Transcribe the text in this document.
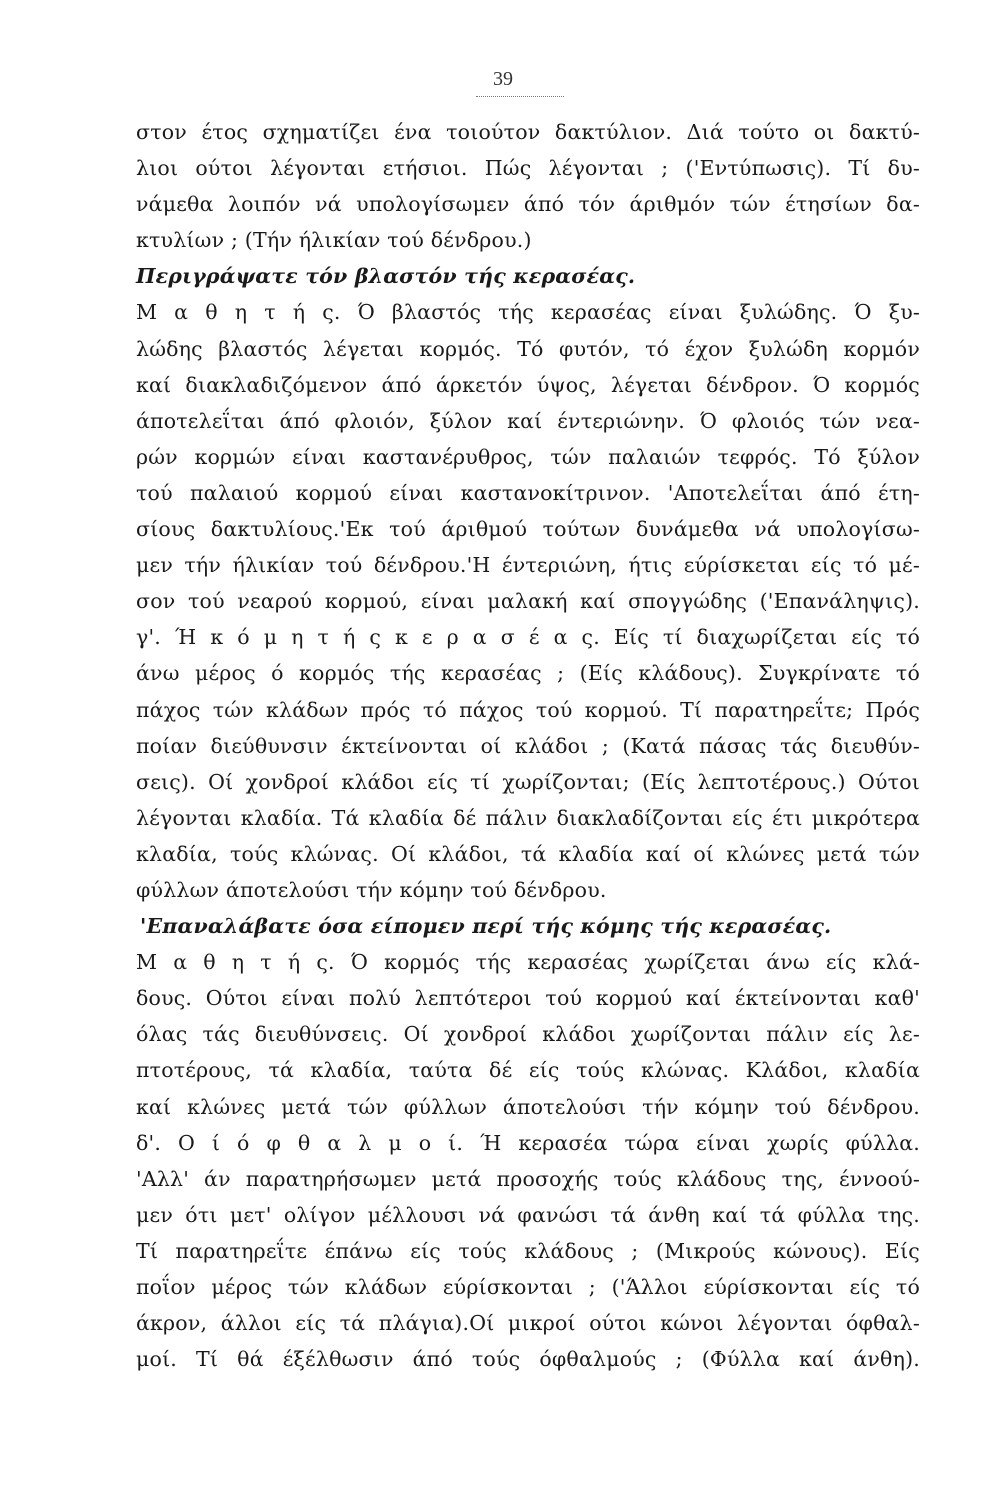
39
στον έτος σχηματίζει ένα τοιούτον δακτύλιον. Διά τούτο οι δακτύ-
λιοι ούτοι λέγονται ετήσιοι. Πώς λέγονται ; ('Εντύπωσις). Τί δυ-
νάμεθα λοιπόν νά υπολογίσωμεν άπό τόν άριθμόν τών έτησίων δα-
κτυλίων ; (Τήν ήλικίαν τού δένδρου.)
Περιγράψατε τόν βλαστόν τής κερασέας.
Μ α θ η τ ή ς. Ό βλαστός τής κερασέας είναι ξυλώδης. Ό ξυ-
λώδης βλαστός λέγεται κορμός. Τό φυτόν, τό έχον ξυλώδη κορμόν
καί διακλαδιζόμενον άπό άρκετόν ύψος, λέγεται δένδρον. Ό κορμός
άποτελεΐται άπό φλοιόν, ξύλον καί έντεριώνην. Ό φλοιός τών νεα-
ρών κορμών είναι καστανέρυθρος, τών παλαιών τεφρός. Τό ξύλον
τού παλαιού κορμού είναι καστανοκίτρινον. 'Αποτελεΐται άπό έτη-
σίους δακτυλίους.'Εκ τού άριθμού τούτων δυνάμεθα νά υπολογίσω-
μεν τήν ήλικίαν τού δένδρου.'Η έντεριώνη, ήτις εύρίσκεται είς τό μέ-
σον τού νεαρού κορμού, είναι μαλακή καί σπογγώδης ('Επανάληψις).
γ'. Ή κ ό μ η τ ή ς κ ε ρ α σ έ α ς. Είς τί διαχωρίζεται είς τό
άνω μέρος ό κορμός τής κερασέας ; (Είς κλάδους). Συγκρίνατε τό
πάχος τών κλάδων πρός τό πάχος τού κορμού. Τί παρατηρεΐτε; Πρός
ποίαν διεύθυνσιν έκτείνονται οί κλάδοι ; (Κατά πάσας τάς διευθύν-
σεις). Οί χονδροί κλάδοι είς τί χωρίζονται; (Είς λεπτοτέρους.) Ούτοι
λέγονται κλαδία. Τά κλαδία δέ πάλιν διακλαδίζονται είς έτι μικρότερα
κλαδία, τούς κλώνας. Οί κλάδοι, τά κλαδία καί οί κλώνες μετά τών
φύλλων άποτελούσι τήν κόμην τού δένδρου.
'Επαναλάβατε όσα είπομεν περί τής κόμης τής κερασέας.
Μ α θ η τ ή ς. Ό κορμός τής κερασέας χωρίζεται άνω είς κλά-
δους. Ούτοι είναι πολύ λεπτότεροι τού κορμού καί έκτείνονται καθ'
όλας τάς διευθύνσεις. Οί χονδροί κλάδοι χωρίζονται πάλιν είς λε-
πτοτέρους, τά κλαδία, ταύτα δέ είς τούς κλώνας. Κλάδοι, κλαδία
καί κλώνες μετά τών φύλλων άποτελούσι τήν κόμην τού δένδρου.
δ'. Ο ί ό φ θ α λ μ ο ί. Ή κερασέα τώρα είναι χωρίς φύλλα.
'Αλλ' άν παρατηρήσωμεν μετά προσοχής τούς κλάδους της, έννοού-
μεν ότι μετ' ολίγον μέλλουσι νά φανώσι τά άνθη καί τά φύλλα της.
Τί παρατηρεΐτε έπάνω είς τούς κλάδους ; (Μικρούς κώνους). Είς
ποΐον μέρος τών κλάδων εύρίσκονται ; ('Άλλοι εύρίσκονται είς τό
άκρον, άλλοι είς τά πλάγια).Οί μικροί ούτοι κώνοι λέγονται όφθαλ-
μοί. Τί θά έξέλθωσιν άπό τούς όφθαλμούς ; (Φύλλα καί άνθη).
